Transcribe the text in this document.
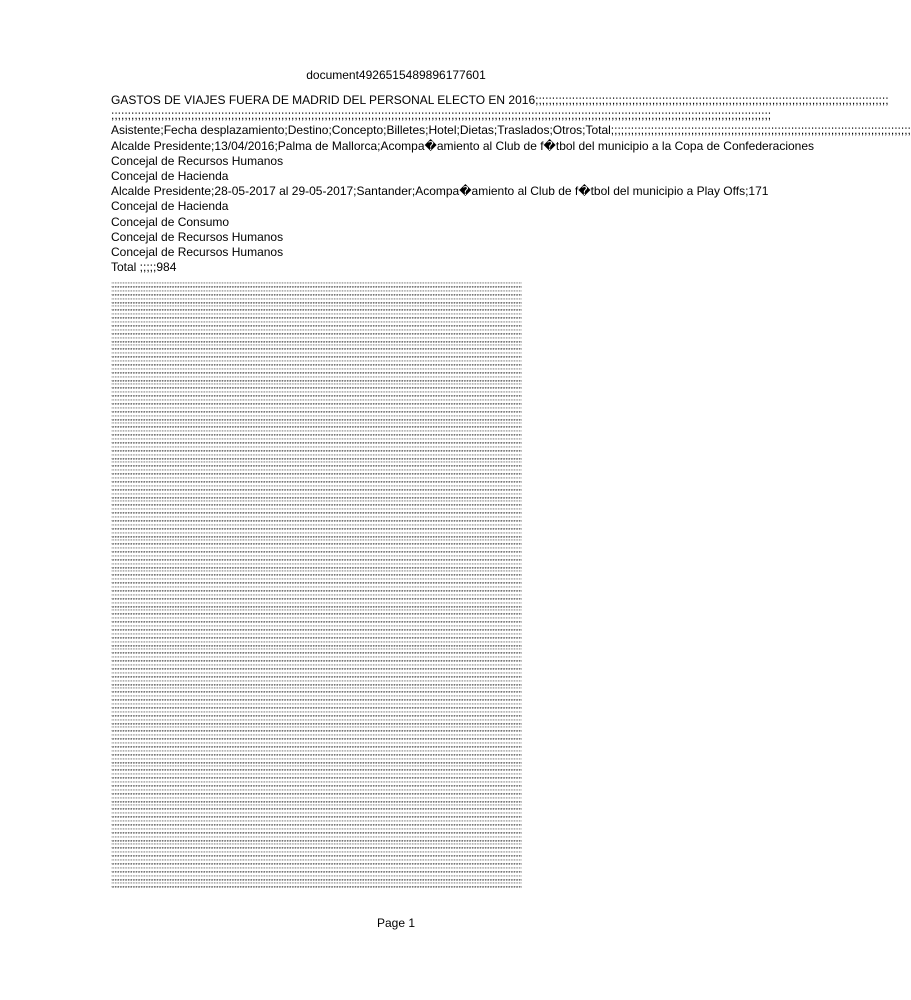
document4926515489896177601
GASTOS DE VIAJES FUERA DE MADRID DEL PERSONAL ELECTO EN 2016;;;;;;;;;;;;;;;;;;;;;;;;;;;;;;;;;;;;;;;;;;;;;;;;;;;;;;;;;;;;;;;;;;;;;;;;;;;;;;;;;;;;;;;;;;;;;;;;;;;;;;;;;;
;;;;;;;;;;;;;;;;;;;;;;;;;;;;;;;;;;;;;;;;;;;;;;;;;;;;;;;;;;;;;;;;;;;;;;;;;;;;;;;;;;;;;;;;;;;;;;;;;;;;;;;;;;;;;;;;;;;;;;;;;;;;;;;;;;;;;;;;;;;;;;;;;;;;;;;;;;;;;;;;;;;;;;;;;;;;;;;;;;;;;;;;;;;;;;;;;;;;;;
Asistente;Fecha desplazamiento;Destino;Concepto;Billetes;Hotel;Dietas;Traslados;Otros;Total;;;;;;;;;;;;;;;;;;;;;;;;;;;;;;;;;;;;;;;;;;;;;;;;;;;;;;;;;;;;;;;;;;;;;;;;;;;;;;;;;;;;;;;;;;
Alcalde Presidente;13/04/2016;Palma de Mallorca;Acompa�amiento al Club de f�tbol del municipio a la Copa de Confederaciones
Concejal de Recursos Humanos
Concejal de Hacienda
Alcalde Presidente;28-05-2017 al 29-05-2017;Santander;Acompa�amiento al Club de f�tbol del municipio a Play Offs;171
Concejal de Hacienda
Concejal de Consumo
Concejal de Recursos Humanos
Concejal de Recursos Humanos
Total ;;;;;984
;;;;;;;;;;;;;;;;;;;;;;;;;;;;;;;;;;;;;;;;;;;;;;;;;;;;;;;;;;;;;;;;;;;;;;;;;;;;;;;;;;;;;;;;;;;;;;;;;;;;;;;;;;;;;;;;;;;;;;;;;;;;;;;;;;;;;;;;;;;;;;;;;;;;;;;;;;;;;;;;;;;;;;;;;;;;;;;;;;;;;;;;;;;;;;;;;;;;;;;;;;;;;;;;;;;;;;;;;;;;;;;;;;;;;;;;;;;;;;;;;;;;;;;;;;;;;
;;;;;;;;;;;;;;;;;;;;;;;;;;;;;;;;;;;;;;;;;;;;;;;;;;;;;;;;;;;;;;;;;;;;;;;;;;;;;;;;;;;;;;;;;;;;;;;;;;;;;;;;;;;;;;;;;;;;;;;;;;;;;;;;;;;;;;;;;;;;;;;;;;;;;;;;;;;;;;;;;;;;;;;;;;;;;;;;;;;;;;;;;;;;;;;;;;;;;;;;;;;;;;;;;;;;;;;;;;;;;;;;;;;;;;;;;;;;;;;;;;;;;;;;;;;;;
;;;;;;;;;;;;;;;;;;;;;;;;;;;;;;;;;;;;;;;;;;;;;;;;;;;;;;;;;;;;;;;;;;;;;;;;;;;;;;;;;;;;;;;;;;;;;;;;;;;;;;;;;;;;;;;;;;;;;;;;;;;;;;;;;;;;;;;;;;;;;;;;;;;;;;;;;;;;;;;;;;;;;;;;;;;;;;;;;;;;;;;;;;;;;;;;;;;;;;;;;;;;;;;;;;;;;;;;;;;;;;;;;;;;;;;;;;;;;;;;;;;;;;;;;;;;;
;;;;;;;;;;;;;;;;;;;;;;;;;;;;;;;;;;;;;;;;;;;;;;;;;;;;;;;;;;;;;;;;;;;;;;;;;;;;;;;;;;;;;;;;;;;;;;;;;;;;;;;;;;;;;;;;;;;;;;;;;;;;;;;;;;;;;;;;;;;;;;;;;;;;;;;;;;;;;;;;;;;;;;;;;;;;;;;;;;;;;;;;;;;;;;;;;;;;;;;;;;;;;;;;;;;;;;;;;;;;;;;;;;;;;;;;;;;;;;;;;;;;;;;;;;;;;
;;;;;;;;;;;;;;;;;;;;;;;;;;;;;;;;;;;;;;;;;;;;;;;;;;;;;;;;;;;;;;;;;;;;;;;;;;;;;;;;;;;;;;;;;;;;;;;;;;;;;;;;;;;;;;;;;;;;;;;;;;;;;;;;;;;;;;;;;;;;;;;;;;;;;;;;;;;;;;;;;;;;;;;;;;;;;;;;;;;;;;;;;;;;;;;;;;;;;;;;;;;;;;;;;;;;;;;;;;;;;;;;;;;;;;;;;;;;;;;;;;;;;;;;;;;;;
;;;;;;;;;;;;;;;;;;;;;;;;;;;;;;;;;;;;;;;;;;;;;;;;;;;;;;;;;;;;;;;;;;;;;;;;;;;;;;;;;;;;;;;;;;;;;;;;;;;;;;;;;;;;;;;;;;;;;;;;;;;;;;;;;;;;;;;;;;;;;;;;;;;;;;;;;;;;;;;;;;;;;;;;;;;;;;;;;;;;;;;;;;;;;;;;;;;;;;;;;;;;;;;;;;;;;;;;;;;;;;;;;;;;;;;;;;;;;;;;;;;;;;;;;;;;;
;;;;;;;;;;;;;;;;;;;;;;;;;;;;;;;;;;;;;;;;;;;;;;;;;;;;;;;;;;;;;;;;;;;;;;;;;;;;;;;;;;;;;;;;;;;;;;;;;;;;;;;;;;;;;;;;;;;;;;;;;;;;;;;;;;;;;;;;;;;;;;;;;;;;;;;;;;;;;;;;;;;;;;;;;;;;;;;;;;;;;;;;;;;;;;;;;;;;;;;;;;;;;;;;;;;;;;;;;;;;;;;;;;;;;;;;;;;;;;;;;;;;;;;;;;;;;
;;;;;;;;;;;;;;;;;;;;;;;;;;;;;;;;;;;;;;;;;;;;;;;;;;;;;;;;;;;;;;;;;;;;;;;;;;;;;;;;;;;;;;;;;;;;;;;;;;;;;;;;;;;;;;;;;;;;;;;;;;;;;;;;;;;;;;;;;;;;;;;;;;;;;;;;;;;;;;;;;;;;;;;;;;;;;;;;;;;;;;;;;;;;;;;;;;;;;;;;;;;;;;;;;;;;;;;;;;;;;;;;;;;;;;;;;;;;;;;;;;;;;;;;;;;;;
;;;;;;;;;;;;;;;;;;;;;;;;;;;;;;;;;;;;;;;;;;;;;;;;;;;;;;;;;;;;;;;;;;;;;;;;;;;;;;;;;;;;;;;;;;;;;;;;;;;;;;;;;;;;;;;;;;;;;;;;;;;;;;;;;;;;;;;;;;;;;;;;;;;;;;;;;;;;;;;;;;;;;;;;;;;;;;;;;;;;;;;;;;;;;;;;;;;;;;;;;;;;;;;;;;;;;;;;;;;;;;;;;;;;;;;;;;;;;;;;;;;;;;;;;;;;;
;;;;;;;;;;;;;;;;;;;;;;;;;;;;;;;;;;;;;;;;;;;;;;;;;;;;;;;;;;;;;;;;;;;;;;;;;;;;;;;;;;;;;;;;;;;;;;;;;;;;;;;;;;;;;;;;;;;;;;;;;;;;;;;;;;;;;;;;;;;;;;;;;;;;;;;;;;;;;;;;;;;;;;;;;;;;;;;;;;;;;;;;;;;;;;;;;;;;;;;;;;;;;;;;;;;;;;;;;;;;;;;;;;;;;;;;;;;;;;;;;;;;;;;;;;;;;
;;;;;;;;;;;;;;;;;;;;;;;;;;;;;;;;;;;;;;;;;;;;;;;;;;;;;;;;;;;;;;;;;;;;;;;;;;;;;;;;;;;;;;;;;;;;;;;;;;;;;;;;;;;;;;;;;;;;;;;;;;;;;;;;;;;;;;;;;;;;;;;;;;;;;;;;;;;;;;;;;;;;;;;;;;;;;;;;;;;;;;;;;;;;;;;;;;;;;;;;;;;;;;;;;;;;;;;;;;;;;;;;;;;;;;;;;;;;;;;;;;;;;;;;;;;;;
;;;;;;;;;;;;;;;;;;;;;;;;;;;;;;;;;;;;;;;;;;;;;;;;;;;;;;;;;;;;;;;;;;;;;;;;;;;;;;;;;;;;;;;;;;;;;;;;;;;;;;;;;;;;;;;;;;;;;;;;;;;;;;;;;;;;;;;;;;;;;;;;;;;;;;;;;;;;;;;;;;;;;;;;;;;;;;;;;;;;;;;;;;;;;;;;;;;;;;;;;;;;;;;;;;;;;;;;;;;;;;;;;;;;;;;;;;;;;;;;;;;;;;;;;;;;;
;;;;;;;;;;;;;;;;;;;;;;;;;;;;;;;;;;;;;;;;;;;;;;;;;;;;;;;;;;;;;;;;;;;;;;;;;;;;;;;;;;;;;;;;;;;;;;;;;;;;;;;;;;;;;;;;;;;;;;;;;;;;;;;;;;;;;;;;;;;;;;;;;;;;;;;;;;;;;;;;;;;;;;;;;;;;;;;;;;;;;;;;;;;;;;;;;;;;;;;;;;;;;;;;;;;;;;;;;;;;;;;;;;;;;;;;;;;;;;;;;;;;;;;;;;;;;
;;;;;;;;;;;;;;;;;;;;;;;;;;;;;;;;;;;;;;;;;;;;;;;;;;;;;;;;;;;;;;;;;;;;;;;;;;;;;;;;;;;;;;;;;;;;;;;;;;;;;;;;;;;;;;;;;;;;;;;;;;;;;;;;;;;;;;;;;;;;;;;;;;;;;;;;;;;;;;;;;;;;;;;;;;;;;;;;;;;;;;;;;;;;;;;;;;;;;;;;;;;;;;;;;;;;;;;;;;;;;;;;;;;;;;;;;;;;;;;;;;;;;;;;;;;;;
;;;;;;;;;;;;;;;;;;;;;;;;;;;;;;;;;;;;;;;;;;;;;;;;;;;;;;;;;;;;;;;;;;;;;;;;;;;;;;;;;;;;;;;;;;;;;;;;;;;;;;;;;;;;;;;;;;;;;;;;;;;;;;;;;;;;;;;;;;;;;;;;;;;;;;;;;;;;;;;;;;;;;;;;;;;;;;;;;;;;;;;;;;;;;;;;;;;;;;;;;;;;;;;;;;;;;;;;;;;;;;;;;;;;;;;;;;;;;;;;;;;;;;;;;;;;;
;;;;;;;;;;;;;;;;;;;;;;;;;;;;;;;;;;;;;;;;;;;;;;;;;;;;;;;;;;;;;;;;;;;;;;;;;;;;;;;;;;;;;;;;;;;;;;;;;;;;;;;;;;;;;;;;;;;;;;;;;;;;;;;;;;;;;;;;;;;;;;;;;;;;;;;;;;;;;;;;;;;;;;;;;;;;;;;;;;;;;;;;;;;;;;;;;;;;;;;;;;;;;;;;;;;;;;;;;;;;;;;;;;;;;;;;;;;;;;;;;;;;;;;;;;;;;
;;;;;;;;;;;;;;;;;;;;;;;;;;;;;;;;;;;;;;;;;;;;;;;;;;;;;;;;;;;;;;;;;;;;;;;;;;;;;;;;;;;;;;;;;;;;;;;;;;;;;;;;;;;;;;;;;;;;;;;;;;;;;;;;;;;;;;;;;;;;;;;;;;;;;;;;;;;;;;;;;;;;;;;;;;;;;;;;;;;;;;;;;;;;;;;;;;;;;;;;;;;;;;;;;;;;;;;;;;;;;;;;;;;;;;;;;;;;;;;;;;;;;;;;;;;;;
;;;;;;;;;;;;;;;;;;;;;;;;;;;;;;;;;;;;;;;;;;;;;;;;;;;;;;;;;;;;;;;;;;;;;;;;;;;;;;;;;;;;;;;;;;;;;;;;;;;;;;;;;;;;;;;;;;;;;;;;;;;;;;;;;;;;;;;;;;;;;;;;;;;;;;;;;;;;;;;;;;;;;;;;;;;;;;;;;;;;;;;;;;;;;;;;;;;;;;;;;;;;;;;;;;;;;;;;;;;;;;;;;;;;;;;;;;;;;;;;;;;;;;;;;;;;;
;;;;;;;;;;;;;;;;;;;;;;;;;;;;;;;;;;;;;;;;;;;;;;;;;;;;;;;;;;;;;;;;;;;;;;;;;;;;;;;;;;;;;;;;;;;;;;;;;;;;;;;;;;;;;;;;;;;;;;;;;;;;;;;;;;;;;;;;;;;;;;;;;;;;;;;;;;;;;;;;;;;;;;;;;;;;;;;;;;;;;;;;;;;;;;;;;;;;;;;;;;;;;;;;;;;;;;;;;;;;;;;;;;;;;;;;;;;;;;;;;;;;;;;;;;;;;
;;;;;;;;;;;;;;;;;;;;;;;;;;;;;;;;;;;;;;;;;;;;;;;;;;;;;;;;;;;;;;;;;;;;;;;;;;;;;;;;;;;;;;;;;;;;;;;;;;;;;;;;;;;;;;;;;;;;;;;;;;;;;;;;;;;;;;;;;;;;;;;;;;;;;;;;;;;;;;;;;;;;;;;;;;;;;;;;;;;;;;;;;;;;;;;;;;;;;;;;;;;;;;;;;;;;;;;;;;;;;;;;;;;;;;;;;;;;;;;;;;;;;;;;;;;;;
;;;;;;;;;;;;;;;;;;;;;;;;;;;;;;;;;;;;;;;;;;;;;;;;;;;;;;;;;;;;;;;;;;;;;;;;;;;;;;;;;;;;;;;;;;;;;;;;;;;;;;;;;;;;;;;;;;;;;;;;;;;;;;;;;;;;;;;;;;;;;;;;;;;;;;;;;;;;;;;;;;;;;;;;;;;;;;;;;;;;;;;;;;;;;;;;;;;;;;;;;;;;;;;;;;;;;;;;;;;;;;;;;;;;;;;;;;;;;;;;;;;;;;;;;;;;;
;;;;;;;;;;;;;;;;;;;;;;;;;;;;;;;;;;;;;;;;;;;;;;;;;;;;;;;;;;;;;;;;;;;;;;;;;;;;;;;;;;;;;;;;;;;;;;;;;;;;;;;;;;;;;;;;;;;;;;;;;;;;;;;;;;;;;;;;;;;;;;;;;;;;;;;;;;;;;;;;;;;;;;;;;;;;;;;;;;;;;;;;;;;;;;;;;;;;;;;;;;;;;;;;;;;;;;;;;;;;;;;;;;;;;;;;;;;;;;;;;;;;;;;;;;;;;
;;;;;;;;;;;;;;;;;;;;;;;;;;;;;;;;;;;;;;;;;;;;;;;;;;;;;;;;;;;;;;;;;;;;;;;;;;;;;;;;;;;;;;;;;;;;;;;;;;;;;;;;;;;;;;;;;;;;;;;;;;;;;;;;;;;;;;;;;;;;;;;;;;;;;;;;;;;;;;;;;;;;;;;;;;;;;;;;;;;;;;;;;;;;;;;;;;;;;;;;;;;;;;;;;;;;;;;;;;;;;;;;;;;;;;;;;;;;;;;;;;;;;;;;;;;;;
;;;;;;;;;;;;;;;;;;;;;;;;;;;;;;;;;;;;;;;;;;;;;;;;;;;;;;;;;;;;;;;;;;;;;;;;;;;;;;;;;;;;;;;;;;;;;;;;;;;;;;;;;;;;;;;;;;;;;;;;;;;;;;;;;;;;;;;;;;;;;;;;;;;;;;;;;;;;;;;;;;;;;;;;;;;;;;;;;;;;;;;;;;;;;;;;;;;;;;;;;;;;;;;;;;;;;;;;;;;;;;;;;;;;;;;;;;;;;;;;;;;;;;;;;;;;;
;;;;;;;;;;;;;;;;;;;;;;;;;;;;;;;;;;;;;;;;;;;;;;;;;;;;;;;;;;;;;;;;;;;;;;;;;;;;;;;;;;;;;;;;;;;;;;;;;;;;;;;;;;;;;;;;;;;;;;;;;;;;;;;;;;;;;;;;;;;;;;;;;;;;;;;;;;;;;;;;;;;;;;;;;;;;;;;;;;;;;;;;;;;;;;;;;;;;;;;;;;;;;;;;;;;;;;;;;;;;;;;;;;;;;;;;;;;;;;;;;;;;;;;;;;;;;
;;;;;;;;;;;;;;;;;;;;;;;;;;;;;;;;;;;;;;;;;;;;;;;;;;;;;;;;;;;;;;;;;;;;;;;;;;;;;;;;;;;;;;;;;;;;;;;;;;;;;;;;;;;;;;;;;;;;;;;;;;;;;;;;;;;;;;;;;;;;;;;;;;;;;;;;;;;;;;;;;;;;;;;;;;;;;;;;;;;;;;;;;;;;;;;;;;;;;;;;;;;;;;;;;;;;;;;;;;;;;;;;;;;;;;;;;;;;;;;;;;;;;;;;;;;;;
;;;;;;;;;;;;;;;;;;;;;;;;;;;;;;;;;;;;;;;;;;;;;;;;;;;;;;;;;;;;;;;;;;;;;;;;;;;;;;;;;;;;;;;;;;;;;;;;;;;;;;;;;;;;;;;;;;;;;;;;;;;;;;;;;;;;;;;;;;;;;;;;;;;;;;;;;;;;;;;;;;;;;;;;;;;;;;;;;;;;;;;;;;;;;;;;;;;;;;;;;;;;;;;;;;;;;;;;;;;;;;;;;;;;;;;;;;;;;;;;;;;;;;;;;;;;;
;;;;;;;;;;;;;;;;;;;;;;;;;;;;;;;;;;;;;;;;;;;;;;;;;;;;;;;;;;;;;;;;;;;;;;;;;;;;;;;;;;;;;;;;;;;;;;;;;;;;;;;;;;;;;;;;;;;;;;;;;;;;;;;;;;;;;;;;;;;;;;;;;;;;;;;;;;;;;;;;;;;;;;;;;;;;;;;;;;;;;;;;;;;;;;;;;;;;;;;;;;;;;;;;;;;;;;;;;;;;;;;;;;;;;;;;;;;;;;;;;;;;;;;;;;;;;
;;;;;;;;;;;;;;;;;;;;;;;;;;;;;;;;;;;;;;;;;;;;;;;;;;;;;;;;;;;;;;;;;;;;;;;;;;;;;;;;;;;;;;;;;;;;;;;;;;;;;;;;;;;;;;;;;;;;;;;;;;;;;;;;;;;;;;;;;;;;;;;;;;;;;;;;;;;;;;;;;;;;;;;;;;;;;;;;;;;;;;;;;;;;;;;;;;;;;;;;;;;;;;;;;;;;;;;;;;;;;;;;;;;;;;;;;;;;;;;;;;;;;;;;;;;;;
;;;;;;;;;;;;;;;;;;;;;;;;;;;;;;;;;;;;;;;;;;;;;;;;;;;;;;;;;;;;;;;;;;;;;;;;;;;;;;;;;;;;;;;;;;;;;;;;;;;;;;;;;;;;;;;;;;;;;;;;;;;;;;;;;;;;;;;;;;;;;;;;;;;;;;;;;;;;;;;;;;;;;;;;;;;;;;;;;;;;;;;;;;;;;;;;;;;;;;;;;;;;;;;;;;;;;;;;;;;;;;;;;;;;;;;;;;;;;;;;;;;;;;;;;;;;;
;;;;;;;;;;;;;;;;;;;;;;;;;;;;;;;;;;;;;;;;;;;;;;;;;;;;;;;;;;;;;;;;;;;;;;;;;;;;;;;;;;;;;;;;;;;;;;;;;;;;;;;;;;;;;;;;;;;;;;;;;;;;;;;;;;;;;;;;;;;;;;;;;;;;;;;;;;;;;;;;;;;;;;;;;;;;;;;;;;;;;;;;;;;;;;;;;;;;;;;;;;;;;;;;;;;;;;;;;;;;;;;;;;;;;;;;;;;;;;;;;;;;;;;;;;;;;
;;;;;;;;;;;;;;;;;;;;;;;;;;;;;;;;;;;;;;;;;;;;;;;;;;;;;;;;;;;;;;;;;;;;;;;;;;;;;;;;;;;;;;;;;;;;;;;;;;;;;;;;;;;;;;;;;;;;;;;;;;;;;;;;;;;;;;;;;;;;;;;;;;;;;;;;;;;;;;;;;;;;;;;;;;;;;;;;;;;;;;;;;;;;;;;;;;;;;;;;;;;;;;;;;;;;;;;;;;;;;;;;;;;;;;;;;;;;;;;;;;;;;;;;;;;;;
;;;;;;;;;;;;;;;;;;;;;;;;;;;;;;;;;;;;;;;;;;;;;;;;;;;;;;;;;;;;;;;;;;;;;;;;;;;;;;;;;;;;;;;;;;;;;;;;;;;;;;;;;;;;;;;;;;;;;;;;;;;;;;;;;;;;;;;;;;;;;;;;;;;;;;;;;;;;;;;;;;;;;;;;;;;;;;;;;;;;;;;;;;;;;;;;;;;;;;;;;;;;;;;;;;;;;;;;;;;;;;;;;;;;;;;;;;;;;;;;;;;;;;;;;;;;;
;;;;;;;;;;;;;;;;;;;;;;;;;;;;;;;;;;;;;;;;;;;;;;;;;;;;;;;;;;;;;;;;;;;;;;;;;;;;;;;;;;;;;;;;;;;;;;;;;;;;;;;;;;;;;;;;;;;;;;;;;;;;;;;;;;;;;;;;;;;;;;;;;;;;;;;;;;;;;;;;;;;;;;;;;;;;;;;;;;;;;;;;;;;;;;;;;;;;;;;;;;;;;;;;;;;;;;;;;;;;;;;;;;;;;;;;;;;;;;;;;;;;;;;;;;;;;
;;;;;;;;;;;;;;;;;;;;;;;;;;;;;;;;;;;;;;;;;;;;;;;;;;;;;;;;;;;;;;;;;;;;;;;;;;;;;;;;;;;;;;;;;;;;;;;;;;;;;;;;;;;;;;;;;;;;;;;;;;;;;;;;;;;;;;;;;;;;;;;;;;;;;;;;;;;;;;;;;;;;;;;;;;;;;;;;;;;;;;;;;;;;;;;;;;;;;;;;;;;;;;;;;;;;;;;;;;;;;;;;;;;;;;;;;;;;;;;;;;;;;;;;;;;;;
;;;;;;;;;;;;;;;;;;;;;;;;;;;;;;;;;;;;;;;;;;;;;;;;;;;;;;;;;;;;;;;;;;;;;;;;;;;;;;;;;;;;;;;;;;;;;;;;;;;;;;;;;;;;;;;;;;;;;;;;;;;;;;;;;;;;;;;;;;;;;;;;;;;;;;;;;;;;;;;;;;;;;;;;;;;;;;;;;;;;;;;;;;;;;;;;;;;;;;;;;;;;;;;;;;;;;;;;;;;;;;;;;;;;;;;;;;;;;;;;;;;;;;;;;;;;;
;;;;;;;;;;;;;;;;;;;;;;;;;;;;;;;;;;;;;;;;;;;;;;;;;;;;;;;;;;;;;;;;;;;;;;;;;;;;;;;;;;;;;;;;;;;;;;;;;;;;;;;;;;;;;;;;;;;;;;;;;;;;;;;;;;;;;;;;;;;;;;;;;;;;;;;;;;;;;;;;;;;;;;;;;;;;;;;;;;;;;;;;;;;;;;;;;;;;;;;;;;;;;;;;;;;;;;;;;;;;;;;;;;;;;;;;;;;;;;;;;;;;;;;;;;;;;
;;;;;;;;;;;;;;;;;;;;;;;;;;;;;;;;;;;;;;;;;;;;;;;;;;;;;;;;;;;;;;;;;;;;;;;;;;;;;;;;;;;;;;;;;;;;;;;;;;;;;;;;;;;;;;;;;;;;;;;;;;;;;;;;;;;;;;;;;;;;;;;;;;;;;;;;;;;;;;;;;;;;;;;;;;;;;;;;;;;;;;;;;;;;;;;;;;;;;;;;;;;;;;;;;;;;;;;;;;;;;;;;;;;;;;;;;;;;;;;;;;;;;;;;;;;;;
;;;;;;;;;;;;;;;;;;;;;;;;;;;;;;;;;;;;;;;;;;;;;;;;;;;;;;;;;;;;;;;;;;;;;;;;;;;;;;;;;;;;;;;;;;;;;;;;;;;;;;;;;;;;;;;;;;;;;;;;;;;;;;;;;;;;;;;;;;;;;;;;;;;;;;;;;;;;;;;;;;;;;;;;;;;;;;;;;;;;;;;;;;;;;;;;;;;;;;;;;;;;;;;;;;;;;;;;;;;;;;;;;;;;;;;;;;;;;;;;;;;;;;;;;;;;;
;;;;;;;;;;;;;;;;;;;;;;;;;;;;;;;;;;;;;;;;;;;;;;;;;;;;;;;;;;;;;;;;;;;;;;;;;;;;;;;;;;;;;;;;;;;;;;;;;;;;;;;;;;;;;;;;;;;;;;;;;;;;;;;;;;;;;;;;;;;;;;;;;;;;;;;;;;;;;;;;;;;;;;;;;;;;;;;;;;;;;;;;;;;;;;;;;;;;;;;;;;;;;;;;;;;;;;;;;;;;;;;;;;;;;;;;;;;;;;;;;;;;;;;;;;;;;
;;;;;;;;;;;;;;;;;;;;;;;;;;;;;;;;;;;;;;;;;;;;;;;;;;;;;;;;;;;;;;;;;;;;;;;;;;;;;;;;;;;;;;;;;;;;;;;;;;;;;;;;;;;;;;;;;;;;;;;;;;;;;;;;;;;;;;;;;;;;;;;;;;;;;;;;;;;;;;;;;;;;;;;;;;;;;;;;;;;;;;;;;;;;;;;;;;;;;;;;;;;;;;;;;;;;;;;;;;;;;;;;;;;;;;;;;;;;;;;;;;;;;;;;;;;;;
;;;;;;;;;;;;;;;;;;;;;;;;;;;;;;;;;;;;;;;;;;;;;;;;;;;;;;;;;;;;;;;;;;;;;;;;;;;;;;;;;;;;;;;;;;;;;;;;;;;;;;;;;;;;;;;;;;;;;;;;;;;;;;;;;;;;;;;;;;;;;;;;;;;;;;;;;;;;;;;;;;;;;;;;;;;;;;;;;;;;;;;;;;;;;;;;;;;;;;;;;;;;;;;;;;;;;;;;;;;;;;;;;;;;;;;;;;;;;;;;;;;;;;;;;;;;;
;;;;;;;;;;;;;;;;;;;;;;;;;;;;;;;;;;;;;;;;;;;;;;;;;;;;;;;;;;;;;;;;;;;;;;;;;;;;;;;;;;;;;;;;;;;;;;;;;;;;;;;;;;;;;;;;;;;;;;;;;;;;;;;;;;;;;;;;;;;;;;;;;;;;;;;;;;;;;;;;;;;;;;;;;;;;;;;;;;;;;;;;;;;;;;;;;;;;;;;;;;;;;;;;;;;;;;;;;;;;;;;;;;;;;;;;;;;;;;;;;;;;;;;;;;;;;
;;;;;;;;;;;;;;;;;;;;;;;;;;;;;;;;;;;;;;;;;;;;;;;;;;;;;;;;;;;;;;;;;;;;;;;;;;;;;;;;;;;;;;;;;;;;;;;;;;;;;;;;;;;;;;;;;;;;;;;;;;;;;;;;;;;;;;;;;;;;;;;;;;;;;;;;;;;;;;;;;;;;;;;;;;;;;;;;;;;;;;;;;;;;;;;;;;;;;;;;;;;;;;;;;;;;;;;;;;;;;;;;;;;;;;;;;;;;;;;;;;;;;;;;;;;;;
;;;;;;;;;;;;;;;;;;;;;;;;;;;;;;;;;;;;;;;;;;;;;;;;;;;;;;;;;;;;;;;;;;;;;;;;;;;;;;;;;;;;;;;;;;;;;;;;;;;;;;;;;;;;;;;;;;;;;;;;;;;;;;;;;;;;;;;;;;;;;;;;;;;;;;;;;;;;;;;;;;;;;;;;;;;;;;;;;;;;;;;;;;;;;;;;;;;;;;;;;;;;;;;;;;;;;;;;;;;;;;;;;;;;;;;;;;;;;;;;;;;;;;;;;;;;;
;;;;;;;;;;;;;;;;;;;;;;;;;;;;;;;;;;;;;;;;;;;;;;;;;;;;;;;;;;;;;;;;;;;;;;;;;;;;;;;;;;;;;;;;;;;;;;;;;;;;;;;;;;;;;;;;;;;;;;;;;;;;;;;;;;;;;;;;;;;;;;;;;;;;;;;;;;;;;;;;;;;;;;;;;;;;;;;;;;;;;;;;;;;;;;;;;;;;;;;;;;;;;;;;;;;;;;;;;;;;;;;;;;;;;;;;;;;;;;;;;;;;;;;;;;;;;
;;;;;;;;;;;;;;;;;;;;;;;;;;;;;;;;;;;;;;;;;;;;;;;;;;;;;;;;;;;;;;;;;;;;;;;;;;;;;;;;;;;;;;;;;;;;;;;;;;;;;;;;;;;;;;;;;;;;;;;;;;;;;;;;;;;;;;;;;;;;;;;;;;;;;;;;;;;;;;;;;;;;;;;;;;;;;;;;;;;;;;;;;;;;;;;;;;;;;;;;;;;;;;;;;;;;;;;;;;;;;;;;;;;;;;;;;;;;;;;;;;;;;;;;;;;;;
;;;;;;;;;;;;;;;;;;;;;;;;;;;;;;;;;;;;;;;;;;;;;;;;;;;;;;;;;;;;;;;;;;;;;;;;;;;;;;;;;;;;;;;;;;;;;;;;;;;;;;;;;;;;;;;;;;;;;;;;;;;;;;;;;;;;;;;;;;;;;;;;;;;;;;;;;;;;;;;;;;;;;;;;;;;;;;;;;;;;;;;;;;;;;;;;;;;;;;;;;;;;;;;;;;;;;;;;;;;;;;;;;;;;;;;;;;;;;;;;;;;;;;;;;;;;;
;;;;;;;;;;;;;;;;;;;;;;;;;;;;;;;;;;;;;;;;;;;;;;;;;;;;;;;;;;;;;;;;;;;;;;;;;;;;;;;;;;;;;;;;;;;;;;;;;;;;;;;;;;;;;;;;;;;;;;;;;;;;;;;;;;;;;;;;;;;;;;;;;;;;;;;;;;;;;;;;;;;;;;;;;;;;;;;;;;;;;;;;;;;;;;;;;;;;;;;;;;;;;;;;;;;;;;;;;;;;;;;;;;;;;;;;;;;;;;;;;;;;;;;;;;;;;
;;;;;;;;;;;;;;;;;;;;;;;;;;;;;;;;;;;;;;;;;;;;;;;;;;;;;;;;;;;;;;;;;;;;;;;;;;;;;;;;;;;;;;;;;;;;;;;;;;;;;;;;;;;;;;;;;;;;;;;;;;;;;;;;;;;;;;;;;;;;;;;;;;;;;;;;;;;;;;;;;;;;;;;;;;;;;;;;;;;;;;;;;;;;;;;;;;;;;;;;;;;;;;;;;;;;;;;;;;;;;;;;;;;;;;;;;;;;;;;;;;;;;;;;;;;;;
;;;;;;;;;;;;;;;;;;;;;;;;;;;;;;;;;;;;;;;;;;;;;;;;;;;;;;;;;;;;;;;;;;;;;;;;;;;;;;;;;;;;;;;;;;;;;;;;;;;;;;;;;;;;;;;;;;;;;;;;;;;;;;;;;;;;;;;;;;;;;;;;;;;;;;;;;;;;;;;;;;;;;;;;;;;;;;;;;;;;;;;;;;;;;;;;;;;;;;;;;;;;;;;;;;;;;;;;;;;;;;;;;;;;;;;;;;;;;;;;;;;;;;;;;;;;;
;;;;;;;;;;;;;;;;;;;;;;;;;;;;;;;;;;;;;;;;;;;;;;;;;;;;;;;;;;;;;;;;;;;;;;;;;;;;;;;;;;;;;;;;;;;;;;;;;;;;;;;;;;;;;;;;;;;;;;;;;;;;;;;;;;;;;;;;;;;;;;;;;;;;;;;;;;;;;;;;;;;;;;;;;;;;;;;;;;;;;;;;;;;;;;;;;;;;;;;;;;;;;;;;;;;;;;;;;;;;;;;;;;;;;;;;;;;;;;;;;;;;;;;;;;;;;
;;;;;;;;;;;;;;;;;;;;;;;;;;;;;;;;;;;;;;;;;;;;;;;;;;;;;;;;;;;;;;;;;;;;;;;;;;;;;;;;;;;;;;;;;;;;;;;;;;;;;;;;;;;;;;;;;;;;;;;;;;;;;;;;;;;;;;;;;;;;;;;;;;;;;;;;;;;;;;;;;;;;;;;;;;;;;;;;;;;;;;;;;;;;;;;;;;;;;;;;;;;;;;;;;;;;;;;;;;;;;;;;;;;;;;;;;;;;;;;;;;;;;;;;;;;;;
;;;;;;;;;;;;;;;;;;;;;;;;;;;;;;;;;;;;;;;;;;;;;;;;;;;;;;;;;;;;;;;;;;;;;;;;;;;;;;;;;;;;;;;;;;;;;;;;;;;;;;;;;;;;;;;;;;;;;;;;;;;;;;;;;;;;;;;;;;;;;;;;;;;;;;;;;;;;;;;;;;;;;;;;;;;;;;;;;;;;;;;;;;;;;;;;;;;;;;;;;;;;;;;;;;;;;;;;;;;;;;;;;;;;;;;;;;;;;;;;;;;;;;;;;;;;;
;;;;;;;;;;;;;;;;;;;;;;;;;;;;;;;;;;;;;;;;;;;;;;;;;;;;;;;;;;;;;;;;;;;;;;;;;;;;;;;;;;;;;;;;;;;;;;;;;;;;;;;;;;;;;;;;;;;;;;;;;;;;;;;;;;;;;;;;;;;;;;;;;;;;;;;;;;;;;;;;;;;;;;;;;;;;;;;;;;;;;;;;;;;;;;;;;;;;;;;;;;;;;;;;;;;;;;;;;;;;;;;;;;;;;;;;;;;;;;;;;;;;;;;;;;;;;
;;;;;;;;;;;;;;;;;;;;;;;;;;;;;;;;;;;;;;;;;;;;;;;;;;;;;;;;;;;;;;;;;;;;;;;;;;;;;;;;;;;;;;;;;;;;;;;;;;;;;;;;;;;;;;;;;;;;;;;;;;;;;;;;;;;;;;;;;;;;;;;;;;;;;;;;;;;;;;;;;;;;;;;;;;;;;;;;;;;;;;;;;;;;;;;;;;;;;;;;;;;;;;;;;;;;;;;;;;;;;;;;;;;;;;;;;;;;;;;;;;;;;;;;;;;;;
;;;;;;;;;;;;;;;;;;;;;;;;;;;;;;;;;;;;;;;;;;;;;;;;;;;;;;;;;;;;;;;;;;;;;;;;;;;;;;;;;;;;;;;;;;;;;;;;;;;;;;;;;;;;;;;;;;;;;;;;;;;;;;;;;;;;;;;;;;;;;;;;;;;;;;;;;;;;;;;;;;;;;;;;;;;;;;;;;;;;;;;;;;;;;;;;;;;;;;;;;;;;;;;;;;;;;;;;;;;;;;;;;;;;;;;;;;;;;;;;;;;;;;;;;;;;;
;;;;;;;;;;;;;;;;;;;;;;;;;;;;;;;;;;;;;;;;;;;;;;;;;;;;;;;;;;;;;;;;;;;;;;;;;;;;;;;;;;;;;;;;;;;;;;;;;;;;;;;;;;;;;;;;;;;;;;;;;;;;;;;;;;;;;;;;;;;;;;;;;;;;;;;;;;;;;;;;;;;;;;;;;;;;;;;;;;;;;;;;;;;;;;;;;;;;;;;;;;;;;;;;;;;;;;;;;;;;;;;;;;;;;;;;;;;;;;;;;;;;;;;;;;;;;
;;;;;;;;;;;;;;;;;;;;;;;;;;;;;;;;;;;;;;;;;;;;;;;;;;;;;;;;;;;;;;;;;;;;;;;;;;;;;;;;;;;;;;;;;;;;;;;;;;;;;;;;;;;;;;;;;;;;;;;;;;;;;;;;;;;;;;;;;;;;;;;;;;;;;;;;;;;;;;;;;;;;;;;;;;;;;;;;;;;;;;;;;;;;;;;;;;;;;;;;;;;;;;;;;;;;;;;;;;;;;;;;;;;;;;;;;;;;;;;;;;;;;;;;;;;;;
;;;;;;;;;;;;;;;;;;;;;;;;;;;;;;;;;;;;;;;;;;;;;;;;;;;;;;;;;;;;;;;;;;;;;;;;;;;;;;;;;;;;;;;;;;;;;;;;;;;;;;;;;;;;;;;;;;;;;;;;;;;;;;;;;;;;;;;;;;;;;;;;;;;;;;;;;;;;;;;;;;;;;;;;;;;;;;;;;;;;;;;;;;;;;;;;;;;;;;;;;;;;;;;;;;;;;;;;;;;;;;;;;;;;;;;;;;;;;;;;;;;;;;;;;;;;;
;;;;;;;;;;;;;;;;;;;;;;;;;;;;;;;;;;;;;;;;;;;;;;;;;;;;;;;;;;;;;;;;;;;;;;;;;;;;;;;;;;;;;;;;;;;;;;;;;;;;;;;;;;;;;;;;;;;;;;;;;;;;;;;;;;;;;;;;;;;;;;;;;;;;;;;;;;;;;;;;;;;;;;;;;;;;;;;;;;;;;;;;;;;;;;;;;;;;;;;;;;;;;;;;;;;;;;;;;;;;;;;;;;;;;;;;;;;;;;;;;;;;;;;;;;;;;
;;;;;;;;;;;;;;;;;;;;;;;;;;;;;;;;;;;;;;;;;;;;;;;;;;;;;;;;;;;;;;;;;;;;;;;;;;;;;;;;;;;;;;;;;;;;;;;;;;;;;;;;;;;;;;;;;;;;;;;;;;;;;;;;;;;;;;;;;;;;;;;;;;;;;;;;;;;;;;;;;;;;;;;;;;;;;;;;;;;;;;;;;;;;;;;;;;;;;;;;;;;;;;;;;;;;;;;;;;;;;;;;;;;;;;;;;;;;;;;;;;;;;;;;;;;;;
;;;;;;;;;;;;;;;;;;;;;;;;;;;;;;;;;;;;;;;;;;;;;;;;;;;;;;;;;;;;;;;;;;;;;;;;;;;;;;;;;;;;;;;;;;;;;;;;;;;;;;;;;;;;;;;;;;;;;;;;;;;;;;;;;;;;;;;;;;;;;;;;;;;;;;;;;;;;;;;;;;;;;;;;;;;;;;;;;;;;;;;;;;;;;;;;;;;;;;;;;;;;;;;;;;;;;;;;;;;;;;;;;;;;;;;;;;;;;;;;;;;;;;;;;;;;;
;;;;;;;;;;;;;;;;;;;;;;;;;;;;;;;;;;;;;;;;;;;;;;;;;;;;;;;;;;;;;;;;;;;;;;;;;;;;;;;;;;;;;;;;;;;;;;;;;;;;;;;;;;;;;;;;;;;;;;;;;;;;;;;;;;;;;;;;;;;;;;;;;;;;;;;;;;;;;;;;;;;;;;;;;;;;;;;;;;;;;;;;;;;;;;;;;;;;;;;;;;;;;;;;;;;;;;;;;;;;;;;;;;;;;;;;;;;;;;;;;;;;;;;;;;;;;
;;;;;;;;;;;;;;;;;;;;;;;;;;;;;;;;;;;;;;;;;;;;;;;;;;;;;;;;;;;;;;;;;;;;;;;;;;;;;;;;;;;;;;;;;;;;;;;;;;;;;;;;;;;;;;;;;;;;;;;;;;;;;;;;;;;;;;;;;;;;;;;;;;;;;;;;;;;;;;;;;;;;;;;;;;;;;;;;;;;;;;;;;;;;;;;;;;;;;;;;;;;;;;;;;;;;;;;;;;;;;;;;;;;;;;;;;;;;;;;;;;;;;;;;;;;;;
;;;;;;;;;;;;;;;;;;;;;;;;;;;;;;;;;;;;;;;;;;;;;;;;;;;;;;;;;;;;;;;;;;;;;;;;;;;;;;;;;;;;;;;;;;;;;;;;;;;;;;;;;;;;;;;;;;;;;;;;;;;;;;;;;;;;;;;;;;;;;;;;;;;;;;;;;;;;;;;;;;;;;;;;;;;;;;;;;;;;;;;;;;;;;;;;;;;;;;;;;;;;;;;;;;;;;;;;;;;;;;;;;;;;;;;;;;;;;;;;;;;;;;;;;;;;;
;;;;;;;;;;;;;;;;;;;;;;;;;;;;;;;;;;;;;;;;;;;;;;;;;;;;;;;;;;;;;;;;;;;;;;;;;;;;;;;;;;;;;;;;;;;;;;;;;;;;;;;;;;;;;;;;;;;;;;;;;;;;;;;;;;;;;;;;;;;;;;;;;;;;;;;;;;;;;;;;;;;;;;;;;;;;;;;;;;;;;;;;;;;;;;;;;;;;;;;;;;;;;;;;;;;;;;;;;;;;;;;;;;;;;;;;;;;;;;;;;;;;;;;;;;;;;
;;;;;;;;;;;;;;;;;;;;;;;;;;;;;;;;;;;;;;;;;;;;;;;;;;;;;;;;;;;;;;;;;;;;;;;;;;;;;;;;;;;;;;;;;;;;;;;;;;;;;;;;;;;;;;;;;;;;;;;;;;;;;;;;;;;;;;;;;;;;;;;;;;;;;;;;;;;;;;;;;;;;;;;;;;;;;;;;;;;;;;;;;;;;;;;;;;;;;;;;;;;;;;;;;;;;;;;;;;;;;;;;;;;;;;;;;;;;;;;;;;;;;;;;;;;;;
;;;;;;;;;;;;;;;;;;;;;;;;;;;;;;;;;;;;;;;;;;;;;;;;;;;;;;;;;;;;;;;;;;;;;;;;;;;;;;;;;;;;;;;;;;;;;;;;;;;;;;;;;;;;;;;;;;;;;;;;;;;;;;;;;;;;;;;;;;;;;;;;;;;;;;;;;;;;;;;;;;;;;;;;;;;;;;;;;;;;;;;;;;;;;;;;;;;;;;;;;;;;;;;;;;;;;;;;;;;;;;;;;;;;;;;;;;;;;;;;;;;;;;;;;;;;;
;;;;;;;;;;;;;;;;;;;;;;;;;;;;;;;;;;;;;;;;;;;;;;;;;;;;;;;;;;;;;;;;;;;;;;;;;;;;;;;;;;;;;;;;;;;;;;;;;;;;;;;;;;;;;;;;;;;;;;;;;;;;;;;;;;;;;;;;;;;;;;;;;;;;;;;;;;;;;;;;;;;;;;;;;;;;;;;;;;;;;;;;;;;;;;;;;;;;;;;;;;;;;;;;;;;;;;;;;;;;;;;;;;;;;;;;;;;;;;;;;;;;;;;;;;;;;
;;;;;;;;;;;;;;;;;;;;;;;;;;;;;;;;;;;;;;;;;;;;;;;;;;;;;;;;;;;;;;;;;;;;;;;;;;;;;;;;;;;;;;;;;;;;;;;;;;;;;;;;;;;;;;;;;;;;;;;;;;;;;;;;;;;;;;;;;;;;;;;;;;;;;;;;;;;;;;;;;;;;;;;;;;;;;;;;;;;;;;;;;;;;;;;;;;;;;;;;;;;;;;;;;;;;;;;;;;;;;;;;;;;;;;;;;;;;;;;;;;;;;;;;;;;;;
;;;;;;;;;;;;;;;;;;;;;;;;;;;;;;;;;;;;;;;;;;;;;;;;;;;;;;;;;;;;;;;;;;;;;;;;;;;;;;;;;;;;;;;;;;;;;;;;;;;;;;;;;;;;;;;;;;;;;;;;;;;;;;;;;;;;;;;;;;;;;;;;;;;;;;;;;;;;;;;;;;;;;;;;;;;;;;;;;;;;;;;;;;;;;;;;;;;;;;;;;;;;;;;;;;;;;;;;;;;;;;;;;;;;;;;;;;;;;;;;;;;;;;;;;;;;;
;;;;;;;;;;;;;;;;;;;;;;;;;;;;;;;;;;;;;;;;;;;;;;;;;;;;;;;;;;;;;;;;;;;;;;;;;;;;;;;;;;;;;;;;;;;;;;;;;;;;;;;;;;;;;;;;;;;;;;;;;;;;;;;;;;;;;;;;;;;;;;;;;;;;;;;;;;;;;;;;;;;;;;;;;;;;;;;;;;;;;;;;;;;;;;;;;;;;;;;;;;;;;;;;;;;;;;;;;;;;;;;;;;;;;;;;;;;;;;;;;;;;;;;;;;;;;
;;;;;;;;;;;;;;;;;;;;;;;;;;;;;;;;;;;;;;;;;;;;;;;;;;;;;;;;;;;;;;;;;;;;;;;;;;;;;;;;;;;;;;;;;;;;;;;;;;;;;;;;;;;;;;;;;;;;;;;;;;;;;;;;;;;;;;;;;;;;;;;;;;;;;;;;;;;;;;;;;;;;;;;;;;;;;;;;;;;;;;;;;;;;;;;;;;;;;;;;;;;;;;;;;;;;;;;;;;;;;;;;;;;;;;;;;;;;;;;;;;;;;;;;;;;;;
;;;;;;;;;;;;;;;;;;;;;;;;;;;;;;;;;;;;;;;;;;;;;;;;;;;;;;;;;;;;;;;;;;;;;;;;;;;;;;;;;;;;;;;;;;;;;;;;;;;;;;;;;;;;;;;;;;;;;;;;;;;;;;;;;;;;;;;;;;;;;;;;;;;;;;;;;;;;;;;;;;;;;;;;;;;;;;;;;;;;;;;;;;;;;;;;;;;;;;;;;;;;;;;;;;;;;;;;;;;;;;;;;;;;;;;;;;;;;;;;;;;;;;;;;;;;;
;;;;;;;;;;;;;;;;;;;;;;;;;;;;;;;;;;;;;;;;;;;;;;;;;;;;;;;;;;;;;;;;;;;;;;;;;;;;;;;;;;;;;;;;;;;;;;;;;;;;;;;;;;;;;;;;;;;;;;;;;;;;;;;;;;;;;;;;;;;;;;;;;;;;;;;;;;;;;;;;;;;;;;;;;;;;;;;;;;;;;;;;;;;;;;;;;;;;;;;;;;;;;;;;;;;;;;;;;;;;;;;;;;;;;;;;;;;;;;;;;;;;;;;;;;;;;
;;;;;;;;;;;;;;;;;;;;;;;;;;;;;;;;;;;;;;;;;;;;;;;;;;;;;;;;;;;;;;;;;;;;;;;;;;;;;;;;;;;;;;;;;;;;;;;;;;;;;;;;;;;;;;;;;;;;;;;;;;;;;;;;;;;;;;;;;;;;;;;;;;;;;;;;;;;;;;;;;;;;;;;;;;;;;;;;;;;;;;;;;;;;;;;;;;;;;;;;;;;;;;;;;;;;;;;;;;;;;;;;;;;;;;;;;;;;;;;;;;;;;;;;;;;;;
;;;;;;;;;;;;;;;;;;;;;;;;;;;;;;;;;;;;;;;;;;;;;;;;;;;;;;;;;;;;;;;;;;;;;;;;;;;;;;;;;;;;;;;;;;;;;;;;;;;;;;;;;;;;;;;;;;;;;;;;;;;;;;;;;;;;;;;;;;;;;;;;;;;;;;;;;;;;;;;;;;;;;;;;;;;;;;;;;;;;;;;;;;;;;;;;;;;;;;;;;;;;;;;;;;;;;;;;;;;;;;;;;;;;;;;;;;;;;;;;;;;;;;;;;;;;;
Page 1
